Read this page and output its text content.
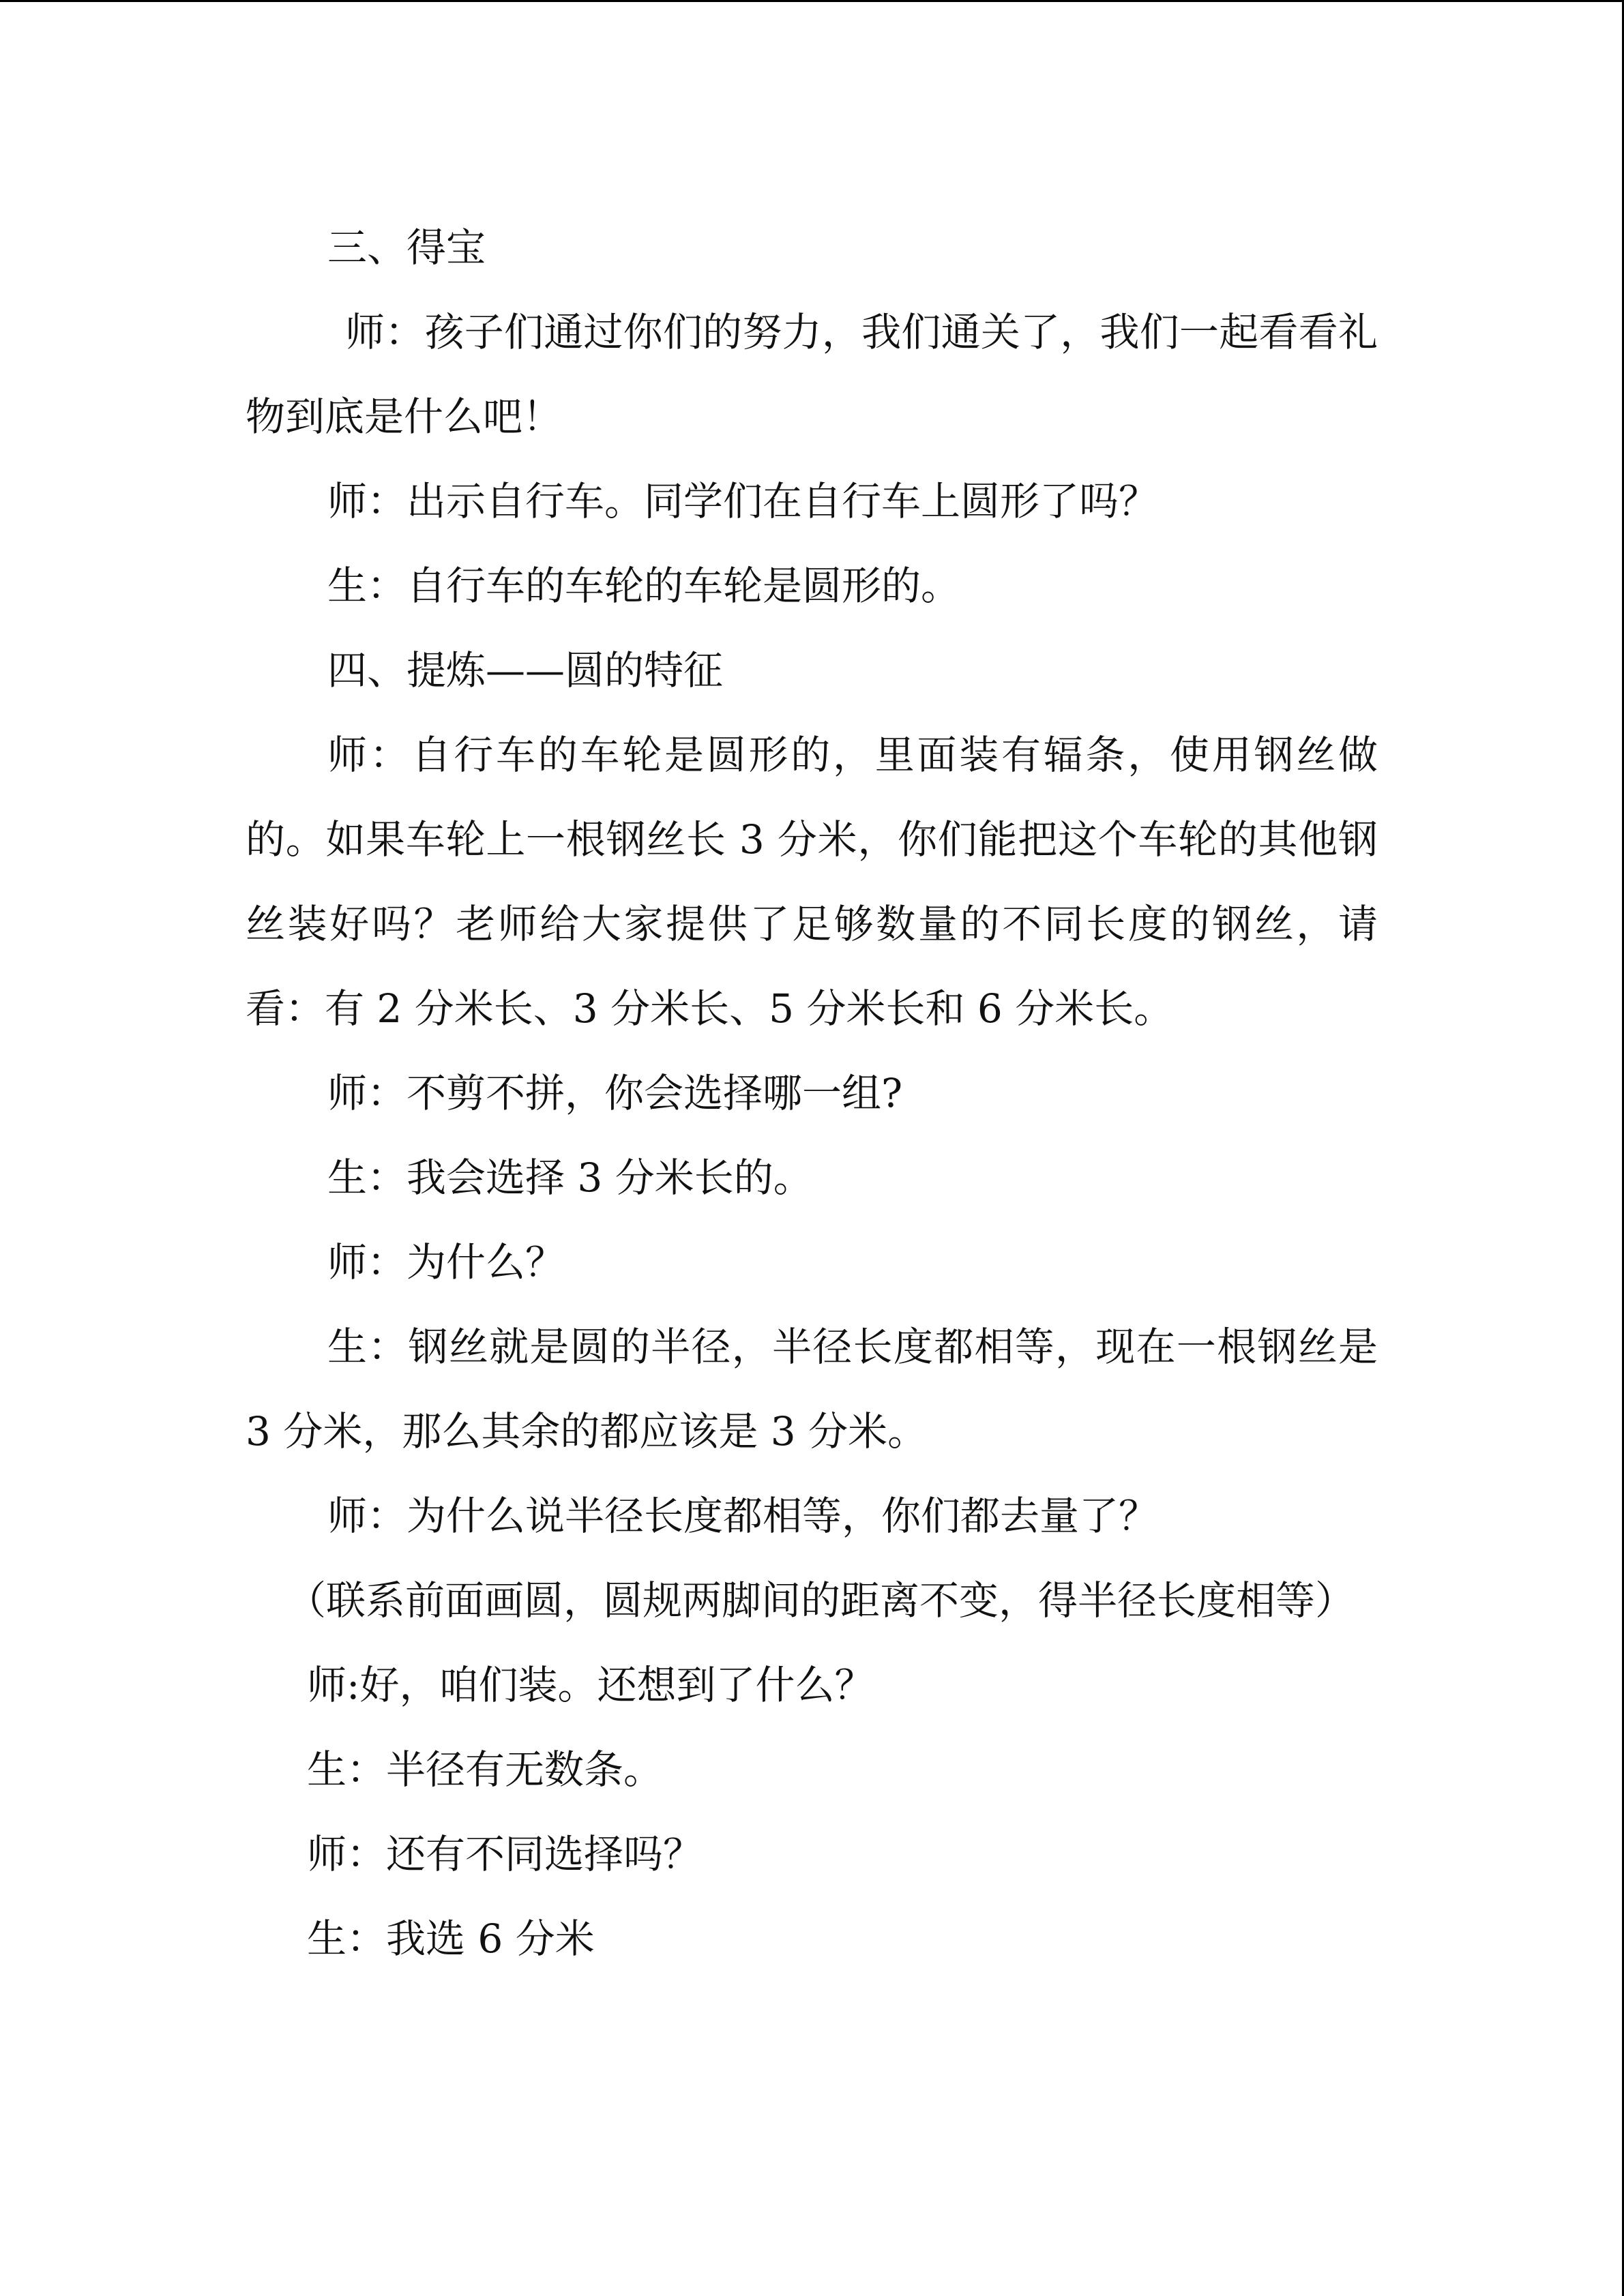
三、得宝

师：孩子们通过你们的努力，我们通关了，我们一起看看礼物到底是什么吧！

师：出示自行车。同学们在自行车上圆形了吗？

生：自行车的车轮的车轮是圆形的。

四、提炼——圆的特征

师：自行车的车轮是圆形的，里面装有辐条，使用钢丝做的。如果车轮上一根钢丝长 3 分米，你们能把这个车轮的其他钢丝装好吗？老师给大家提供了足够数量的不同长度的钢丝，请看：有 2 分米长、3 分米长、5 分米长和 6 分米长。

师：不剪不拼，你会选择哪一组?

生：我会选择 3 分米长的。

师：为什么？

生：钢丝就是圆的半径，半径长度都相等，现在一根钢丝是 3 分米，那么其余的都应该是 3 分米。

师：为什么说半径长度都相等，你们都去量了？

（联系前面画圆，圆规两脚间的距离不变，得半径长度相等）

师:好，咱们装。还想到了什么？

生：半径有无数条。

师：还有不同选择吗？

生：我选 6 分米
